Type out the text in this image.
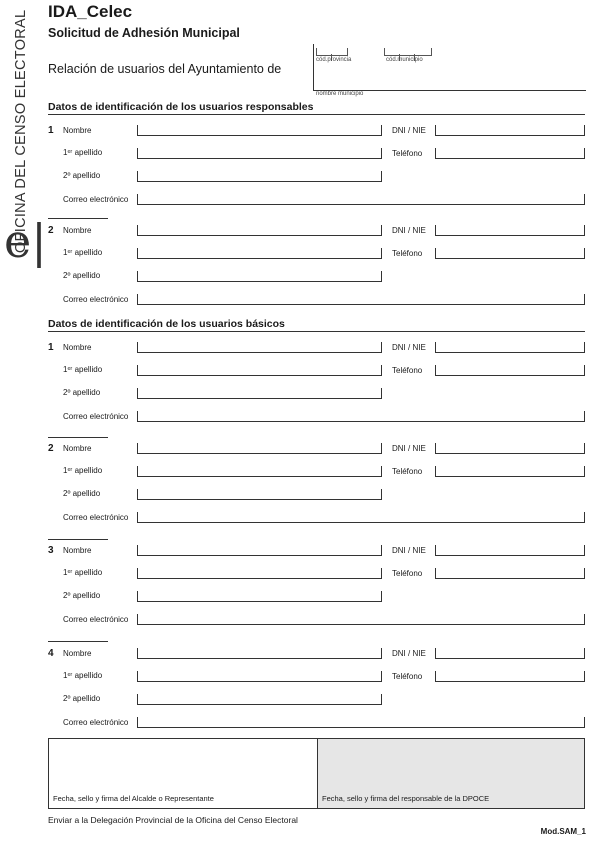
OFICINA DEL CENSO ELECTORAL
e|
IDA_Celec
Solicitud de Adhesión Municipal
Relación de usuarios del Ayuntamiento de
cód.provincia	cód.municipio
nombre municipio
Datos de identificación de los usuarios responsables
Datos de identificación de los usuarios básicos
Fecha, sello y firma del Alcalde o Representante	Fecha, sello y firma del responsable de la DPOCE
Enviar a la Delegación Provincial de la Oficina del Censo Electoral
Mod.SAM_1
1 Nombre	DNI / NIE
1ᵉʳ apellido	Teléfono
2º apellido
Correo electrónico
2 Nombre	DNI / NIE
1ᵉʳ apellido	Teléfono
2º apellido
Correo electrónico
1 Nombre	DNI / NIE
1ᵉʳ apellido	Teléfono
2º apellido
Correo electrónico
2 Nombre	DNI / NIE
1ᵉʳ apellido	Teléfono
2º apellido
Correo electrónico
3 Nombre	DNI / NIE
1ᵉʳ apellido	Teléfono
2º apellido
Correo electrónico
4 Nombre	DNI / NIE
1ᵉʳ apellido	Teléfono
2º apellido
Correo electrónico
